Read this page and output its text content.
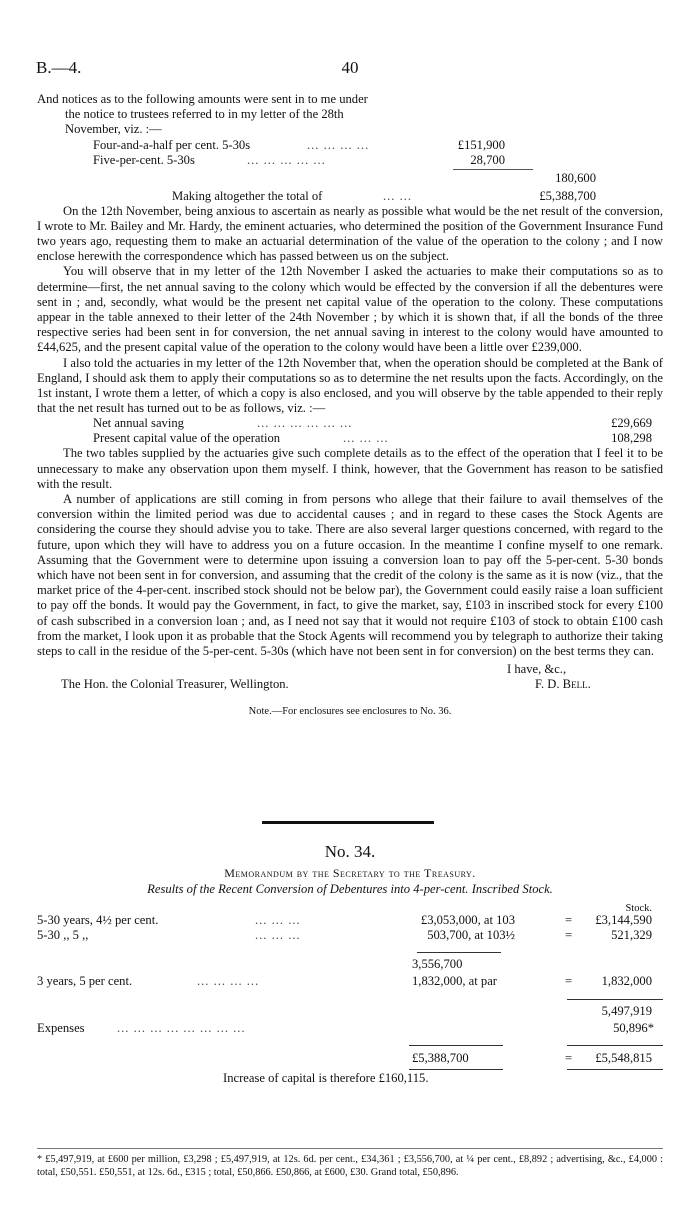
B.—4.	40
And notices as to the following amounts were sent in to me under
the notice to trustees referred to in my letter of the 28th
November, viz. :—
Four-and-a-half per cent. 5-30s	... ... ... ...	£151,900
Five-per-cent. 5-30s	... ... ... ... ...	28,700
180,600
Making altogether the total of	... ...	£5,388,700

On the 12th November, being anxious to ascertain as nearly as possible what would be the net result of the conversion, I wrote to Mr. Bailey and Mr. Hardy, the eminent actuaries, who determined the position of the Government Insurance Fund two years ago, requesting them to make an actuarial determination of the value of the operation to the colony ; and I now enclose herewith the correspondence which has passed between us on the subject.

You will observe that in my letter of the 12th November I asked the actuaries to make their computations so as to determine—first, the net annual saving to the colony which would be effected by the conversion if all the debentures were sent in ; and, secondly, what would be the present net capital value of the operation to the colony. These computations appear in the table annexed to their letter of the 24th November ; by which it is shown that, if all the bonds of the three respective series had been sent in for conversion, the net annual saving in interest to the colony would have amounted to £44,625, and the present capital value of the operation to the colony would have been a little over £239,000.

I also told the actuaries in my letter of the 12th November that, when the operation should be completed at the Bank of England, I should ask them to apply their computations so as to determine the net results upon the facts. Accordingly, on the 1st instant, I wrote them a letter, of which a copy is also enclosed, and you will observe by the table appended to their reply that the net result has turned out to be as follows, viz. :—

Net annual saving	... ... ... ... ... ...	£29,669
Present capital value of the operation	... ... ...	108,298

The two tables supplied by the actuaries give such complete details as to the effect of the operation that I feel it to be unnecessary to make any observation upon them myself. I think, however, that the Government has reason to be satisfied with the result.

A number of applications are still coming in from persons who allege that their failure to avail themselves of the conversion within the limited period was due to accidental causes ; and in regard to these cases the Stock Agents are considering the course they should advise you to take. There are also several larger questions concerned, with regard to the future, upon which they will have to address you on a future occasion. In the meantime I confine myself to one remark. Assuming that the Government were to determine upon issuing a conversion loan to pay off the 5-per-cent. 5-30 bonds which have not been sent in for conversion, and assuming that the credit of the colony is the same as it is now (viz., that the market price of the 4-per-cent. inscribed stock should not be below par), the Government could easily raise a loan sufficient to pay off the bonds. It would pay the Government, in fact, to give the market, say, £103 in inscribed stock for every £100 of cash subscribed in a conversion loan ; and, as I need not say that it would not require £103 of stock to obtain £100 cash from the market, I look upon it as probable that the Stock Agents will recommend you by telegraph to authorize their taking steps to call in the residue of the 5-per-cent. 5-30s (which have not been sent in for conversion) on the best terms they can.

I have, &c.,
The Hon. the Colonial Treasurer, Wellington.	F. D. Bell.
Note.—For enclosures see enclosures to No. 36.
No. 34.
Memorandum by the Secretary to the Treasury.
Results of the Recent Conversion of Debentures into 4-per-cent. Inscribed Stock.
Stock.
5-30 years, 4½ per cent.	... ... ...	£3,053,000, at 103	= £3,144,590
5-30 ,, 5 ,,	... ... ...	503,700, at 103½	=	521,329
3,556,700
3 years, 5 per cent.	... ... ... ...	1,832,000, at par	= 1,832,000
5,497,919
Expenses	... ... ... ... ... ... ... ...	50,896*
£5,388,700	= £5,548,815
Increase of capital is therefore £160,115.
* £5,497,919, at £600 per million, £3,298 ; £5,497,919, at 12s. 6d. per cent., £34,361 ; £3,556,700, at ¼ per cent., £8,892 ; advertising, &c., £4,000 : total, £50,551. £50,551, at 12s. 6d., £315 ; total, £50,866. £50,866, at £600, £30. Grand total, £50,896.
